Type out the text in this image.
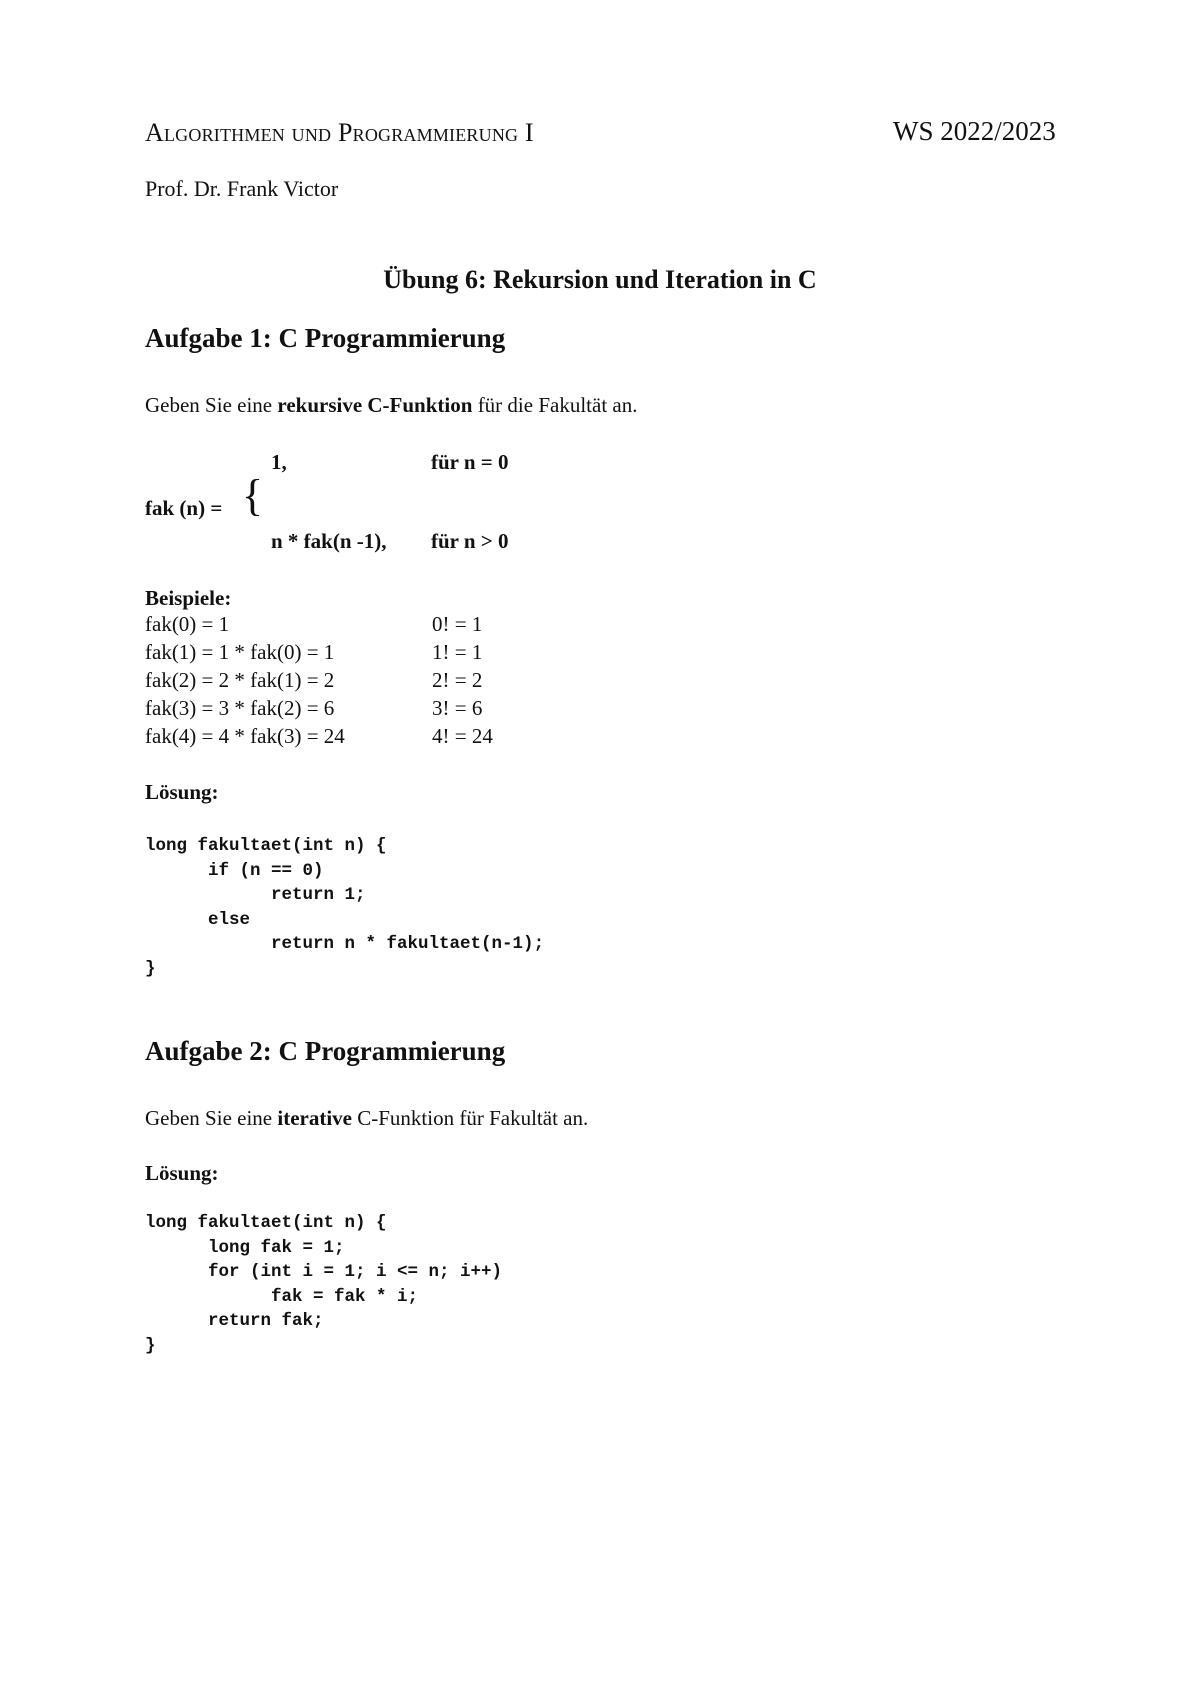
Algorithmen und Programmierung I	WS 2022/2023
Prof. Dr. Frank Victor
Übung 6: Rekursion und Iteration in C
Aufgabe 1: C Programmierung
Geben Sie eine rekursive C-Funktion für die Fakultät an.
1,	für n = 0
fak (n) = {
n * fak(n -1), für n > 0
Beispiele:
fak(0) = 1	0! = 1
fak(1) = 1 * fak(0) = 1	1! = 1
fak(2) = 2 * fak(1) = 2	2! = 2
fak(3) = 3 * fak(2) = 6	3! = 6
fak(4) = 4 * fak(3) = 24	4! = 24
Lösung:
long fakultaet(int n) {
if (n == 0)
return 1;
else
return n * fakultaet(n-1);
}
Aufgabe 2: C Programmierung
Geben Sie eine iterative C-Funktion für Fakultät an.
Lösung:
long fakultaet(int n) {
long fak = 1;
for (int i = 1; i <= n; i++)
fak = fak * i;
return fak;
}
